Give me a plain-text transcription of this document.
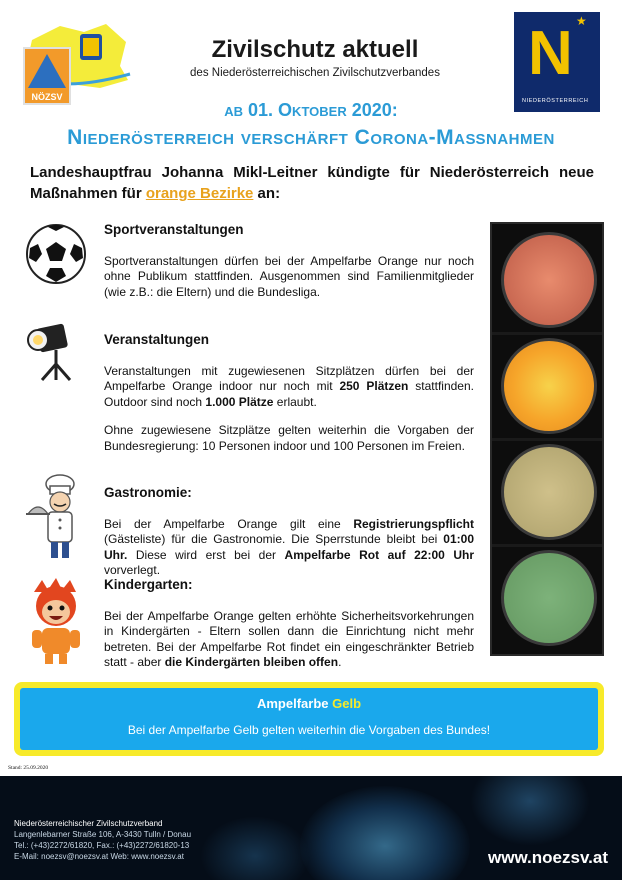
NÖZSV
Zivilschutz aktuell
des Niederösterreichischen Zivilschutzverbandes	N ★
NIEDERÖSTERREICH
ab 01. Oktober 2020:
Niederösterreich verschärft Corona-Maßnahmen
Landeshauptfrau Johanna Mikl-Leitner kündigte für Niederösterreich neue Maßnahmen für orange Bezirke an:
Sportveranstaltungen

Sportveranstaltungen dürfen bei der Ampelfarbe Orange nur noch ohne Publikum stattfinden. Ausgenommen sind Familienmitglieder (wie z.B.: die Eltern) und die Bundesliga.

Veranstaltungen

Veranstaltungen mit zugewiesenen Sitzplätzen dürfen bei der Ampelfarbe Orange indoor nur noch mit 250 Plätzen stattfinden. Outdoor sind noch 1.000 Plätze erlaubt.

Ohne zugewiesene Sitzplätze gelten weiterhin die Vorgaben der Bundesregierung: 10 Personen indoor und 100 Personen im Freien.

Gastronomie:

Bei der Ampelfarbe Orange gilt eine Registrierungspflicht (Gästeliste) für die Gastronomie. Die Sperrstunde bleibt bei 01:00 Uhr. Diese wird erst bei der Ampelfarbe Rot auf 22:00 Uhr vorverlegt.

Kindergarten:

Bei der Ampelfarbe Orange gelten erhöhte Sicherheitsvorkehrungen in Kindergärten - Eltern sollen dann die Einrichtung nicht mehr betreten. Bei der Ampelfarbe Rot findet ein eingeschränkter Betrieb statt - aber die Kindergärten bleiben offen.

Ampelfarbe Gelb
Bei der Ampelfarbe Gelb gelten weiterhin die Vorgaben des Bundes!
Stand: 25.09.2020
Niederösterreichischer Zivilschutzverband
Langenlebarner Straße 106, A-3430 Tulln / Donau
Tel.: (+43)2272/61820, Fax.: (+43)2272/61820-13
E-Mail: noezsv@noezsv.at Web: www.noezsv.at	www.noezsv.at
